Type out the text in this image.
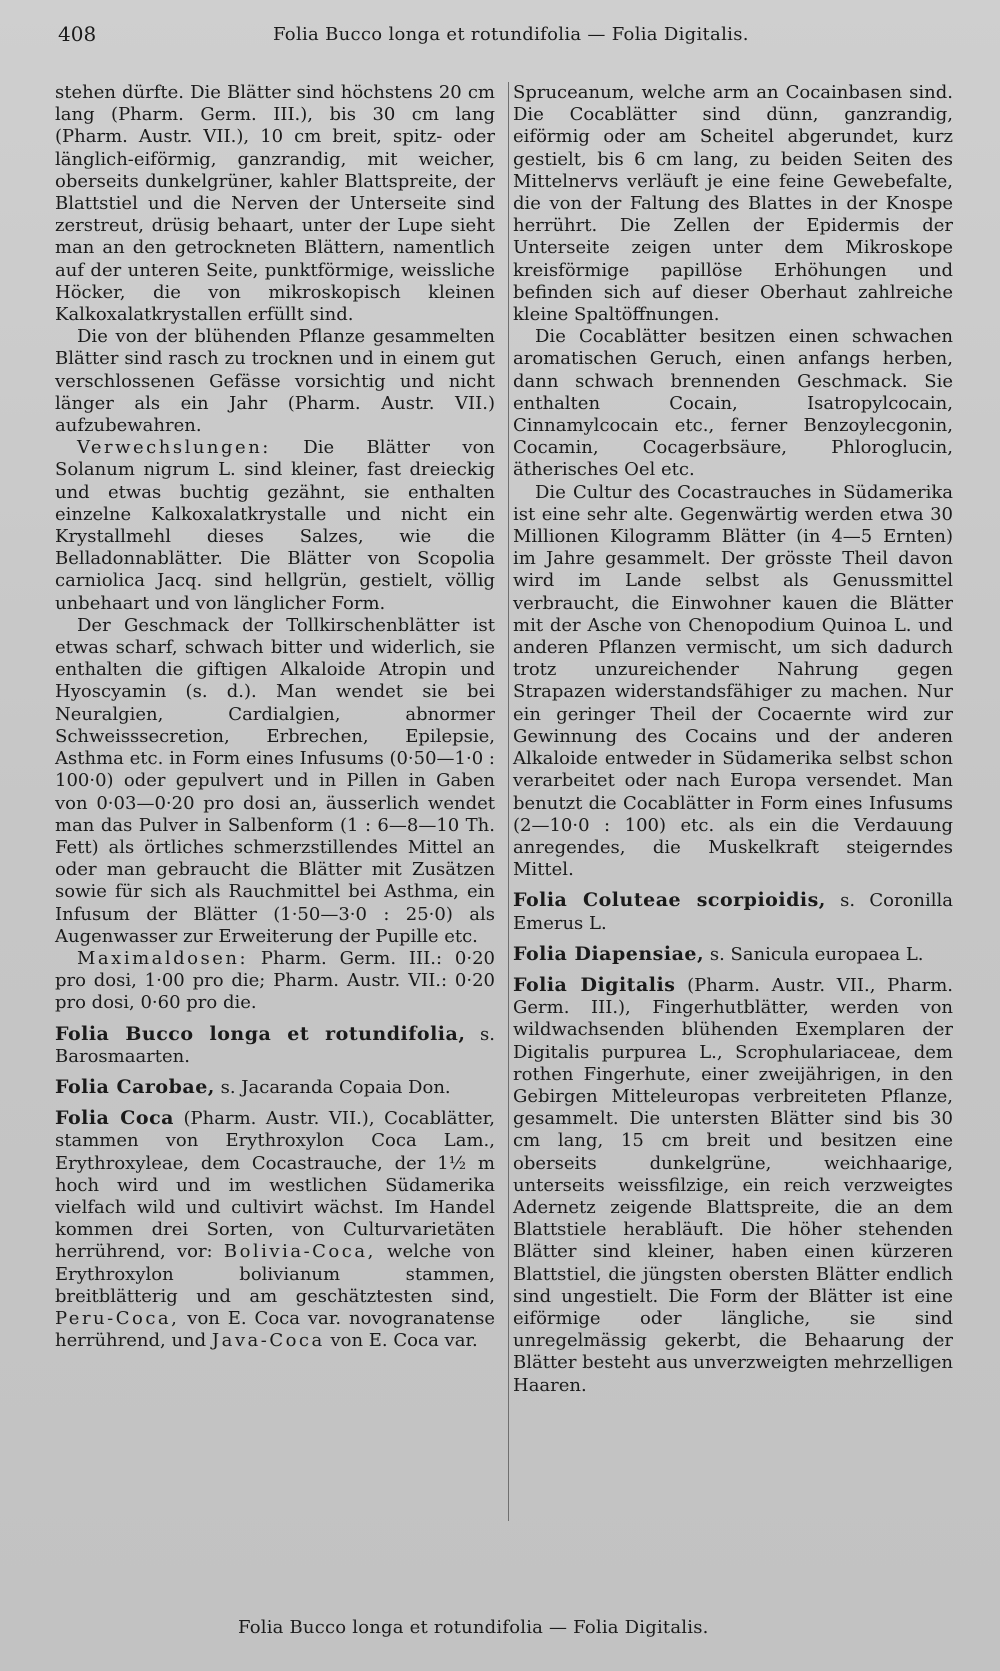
408	Folia Bucco longa et rotundifolia — Folia Digitalis.

stehen dürfte. Die Blätter sind höchstens 20 cm lang (Pharm. Germ. III.), bis 30 cm lang (Pharm. Austr. VII.), 10 cm breit, spitz- oder länglich-eiförmig, ganzrandig, mit weicher, oberseits dunkelgrüner, kahler Blattspreite, der Blattstiel und die Nerven der Unterseite sind zerstreut, drüsig behaart, unter der Lupe sieht man an den getrockneten Blättern, namentlich auf der unteren Seite, punktförmige, weissliche Höcker, die von mikroskopisch kleinen Kalkoxalatkrystallen erfüllt sind.

Die von der blühenden Pflanze gesammelten Blätter sind rasch zu trocknen und in einem gut verschlossenen Gefässe vorsichtig und nicht länger als ein Jahr (Pharm. Austr. VII.) aufzubewahren.

Verwechslungen: Die Blätter von Solanum nigrum L. sind kleiner, fast dreieckig und etwas buchtig gezähnt, sie enthalten einzelne Kalkoxalatkrystalle und nicht ein Krystallmehl dieses Salzes, wie die Belladonnablätter. Die Blätter von Scopolia carniolica Jacq. sind hellgrün, gestielt, völlig unbehaart und von länglicher Form.

Der Geschmack der Tollkirschenblätter ist etwas scharf, schwach bitter und widerlich, sie enthalten die giftigen Alkaloide Atropin und Hyoscyamin (s. d.). Man wendet sie bei Neuralgien, Cardialgien, abnormer Schweisssecretion, Erbrechen, Epilepsie, Asthma etc. in Form eines Infusums (0·50—1·0 : 100·0) oder gepulvert und in Pillen in Gaben von 0·03—0·20 pro dosi an, äusserlich wendet man das Pulver in Salbenform (1 : 6—8—10 Th. Fett) als örtliches schmerzstillendes Mittel an oder man gebraucht die Blätter mit Zusätzen sowie für sich als Rauchmittel bei Asthma, ein Infusum der Blätter (1·50—3·0 : 25·0) als Augenwasser zur Erweiterung der Pupille etc.

Maximaldosen: Pharm. Germ. III.: 0·20 pro dosi, 1·00 pro die; Pharm. Austr. VII.: 0·20 pro dosi, 0·60 pro die.

Folia Bucco longa et rotundifolia, s. Barosmaarten.

Folia Carobae, s. Jacaranda Copaia Don.

Folia Coca (Pharm. Austr. VII.), Cocablätter, stammen von Erythroxylon Coca Lam., Erythroxyleae, dem Cocastrauche, der 1½ m hoch wird und im westlichen Südamerika vielfach wild und cultivirt wächst. Im Handel kommen drei Sorten, von Culturvarietäten herrührend, vor: Bolivia-Coca, welche von Erythroxylon bolivianum stammen, breitblätterig und am geschätztesten sind, Peru-Coca, von E. Coca var. novogranatense herrührend, und Java-Coca von E. Coca var.

Spruceanum, welche arm an Cocainbasen sind. Die Cocablätter sind dünn, ganzrandig, eiförmig oder am Scheitel abgerundet, kurz gestielt, bis 6 cm lang, zu beiden Seiten des Mittelnervs verläuft je eine feine Gewebefalte, die von der Faltung des Blattes in der Knospe herrührt. Die Zellen der Epidermis der Unterseite zeigen unter dem Mikroskope kreisförmige papillöse Erhöhungen und befinden sich auf dieser Oberhaut zahlreiche kleine Spaltöffnungen.

Die Cocablätter besitzen einen schwachen aromatischen Geruch, einen anfangs herben, dann schwach brennenden Geschmack. Sie enthalten Cocain, Isatropylcocain, Cinnamylcocain etc., ferner Benzoylecgonin, Cocamin, Cocagerbsäure, Phloroglucin, ätherisches Oel etc.

Die Cultur des Cocastrauches in Südamerika ist eine sehr alte. Gegenwärtig werden etwa 30 Millionen Kilogramm Blätter (in 4—5 Ernten) im Jahre gesammelt. Der grösste Theil davon wird im Lande selbst als Genussmittel verbraucht, die Einwohner kauen die Blätter mit der Asche von Chenopodium Quinoa L. und anderen Pflanzen vermischt, um sich dadurch trotz unzureichender Nahrung gegen Strapazen widerstandsfähiger zu machen. Nur ein geringer Theil der Cocaernte wird zur Gewinnung des Cocains und der anderen Alkaloide entweder in Südamerika selbst schon verarbeitet oder nach Europa versendet. Man benutzt die Cocablätter in Form eines Infusums (2—10·0 : 100) etc. als ein die Verdauung anregendes, die Muskelkraft steigerndes Mittel.

Folia Coluteae scorpioidis, s. Coronilla Emerus L.

Folia Diapensiae, s. Sanicula europaea L.

Folia Digitalis (Pharm. Austr. VII., Pharm. Germ. III.), Fingerhutblätter, werden von wildwachsenden blühenden Exemplaren der Digitalis purpurea L., Scrophulariaceae, dem rothen Fingerhute, einer zweijährigen, in den Gebirgen Mitteleuropas verbreiteten Pflanze, gesammelt. Die untersten Blätter sind bis 30 cm lang, 15 cm breit und besitzen eine oberseits dunkelgrüne, weichhaarige, unterseits weissfilzige, ein reich verzweigtes Adernetz zeigende Blattspreite, die an dem Blattstiele herabläuft. Die höher stehenden Blätter sind kleiner, haben einen kürzeren Blattstiel, die jüngsten obersten Blätter endlich sind ungestielt. Die Form der Blätter ist eine eiförmige oder längliche, sie sind unregelmässig gekerbt, die Behaarung der Blätter besteht aus unverzweigten mehrzelligen Haaren.

Folia Bucco longa et rotundifolia — Folia Digitalis.
